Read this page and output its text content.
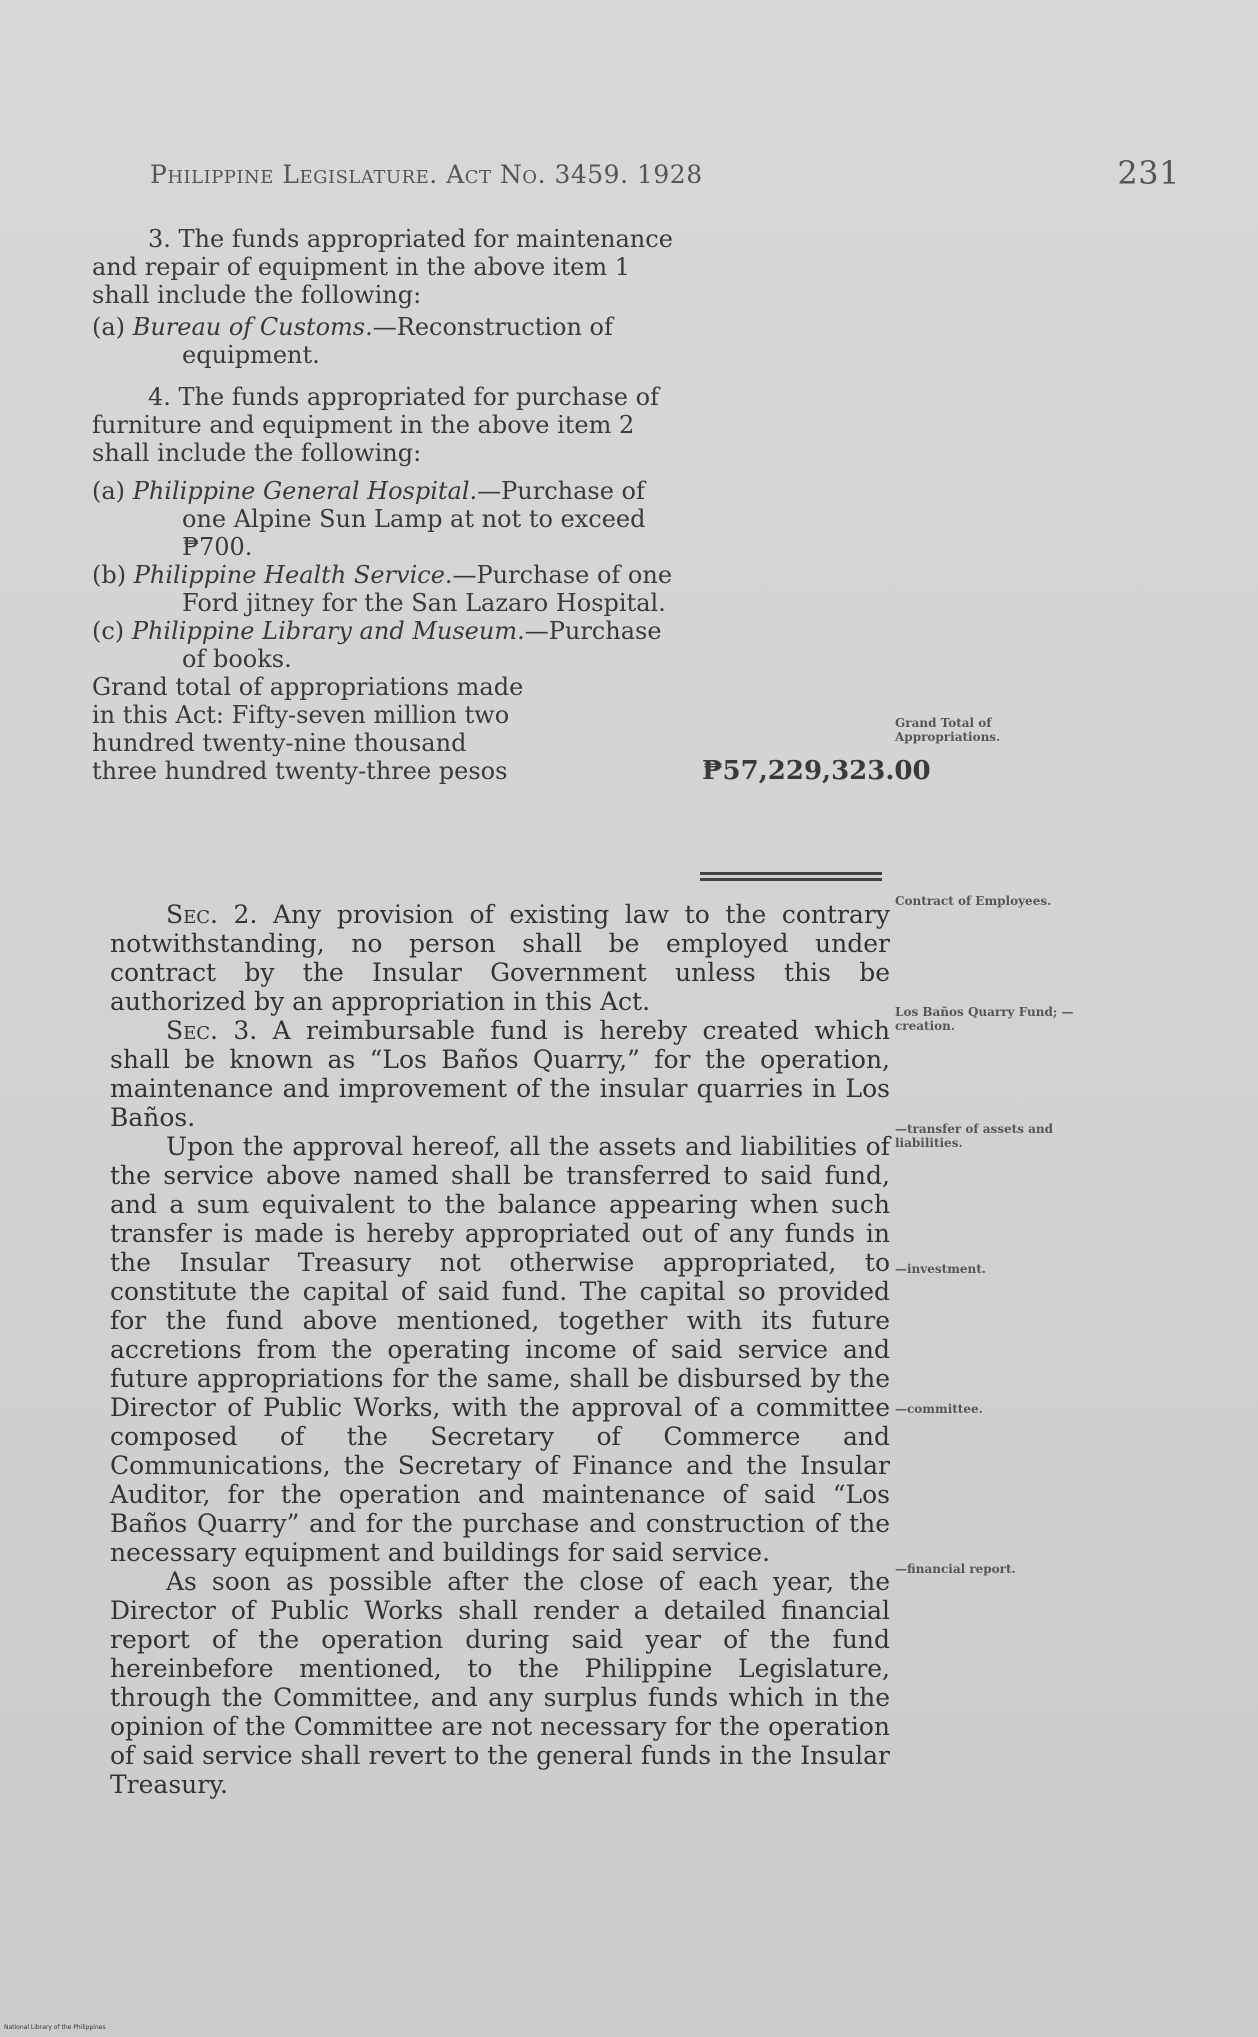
Philippine Legislature. Act No. 3459. 1928	231

3. The funds appropriated for maintenance and repair of equipment in the above item 1 shall include the following:

(a) Bureau of Customs.—Reconstruction of equipment.

4. The funds appropriated for purchase of furniture and equipment in the above item 2 shall include the following:

(a) Philippine General Hospital.—Purchase of one Alpine Sun Lamp at not to exceed ₱700.

(b) Philippine Health Service.—Purchase of one Ford jitney for the San Lazaro Hospital.

(c) Philippine Library and Museum.—Purchase of books.

Grand total of appropriations made in this Act: Fifty-seven million two hundred twenty-nine thousand three hundred twenty-three pesos	₱57,229,323.00

Sec. 2. Any provision of existing law to the contrary notwithstanding, no person shall be employed under contract by the Insular Government unless this be authorized by an appropriation in this Act.

Sec. 3. A reimbursable fund is hereby created which shall be known as “Los Baños Quarry,” for the operation, maintenance and improvement of the insular quarries in Los Baños.

Upon the approval hereof, all the assets and liabilities of the service above named shall be transferred to said fund, and a sum equivalent to the balance appearing when such transfer is made is hereby appropriated out of any funds in the Insular Treasury not otherwise appropriated, to constitute the capital of said fund. The capital so provided for the fund above mentioned, together with its future accretions from the operating income of said service and future appropriations for the same, shall be disbursed by the Director of Public Works, with the approval of a committee composed of the Secretary of Commerce and Communications, the Secretary of Finance and the Insular Auditor, for the operation and maintenance of said “Los Baños Quarry” and for the purchase and construction of the necessary equipment and buildings for said service.

As soon as possible after the close of each year, the Director of Public Works shall render a detailed financial report of the operation during said year of the fund hereinbefore mentioned, to the Philippine Legislature, through the Committee, and any surplus funds which in the opinion of the Committee are not necessary for the operation of said service shall revert to the general funds in the Insular Treasury.

Grand Total of Appropriations.
Contract of Employees.
Los Baños Quarry Fund; —creation.
—transfer of assets and liabilities.
—investment.
—committee.
—financial report.
National Library of the Philippines
